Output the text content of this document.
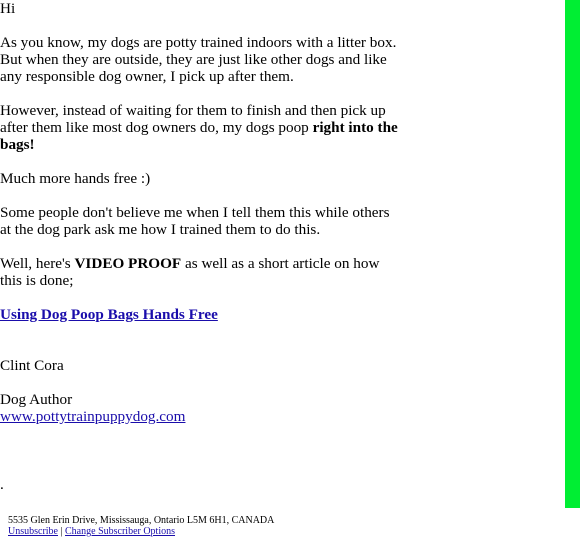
Hi

As you know, my dogs are potty trained indoors with a litter box. But when they are outside, they are just like other dogs and like any responsible dog owner, I pick up after them.

However, instead of waiting for them to finish and then pick up after them like most dog owners do, my dogs poop right into the bags!

Much more hands free :)

Some people don't believe me when I tell them this while others at the dog park ask me how I trained them to do this.

Well, here's VIDEO PROOF as well as a short article on how this is done;

Using Dog Poop Bags Hands Free

Clint Cora

Dog Author

www.pottytrainpuppydog.com

.

5535 Glen Erin Drive, Mississauga, Ontario L5M 6H1, CANADA
Unsubscribe | Change Subscriber Options
